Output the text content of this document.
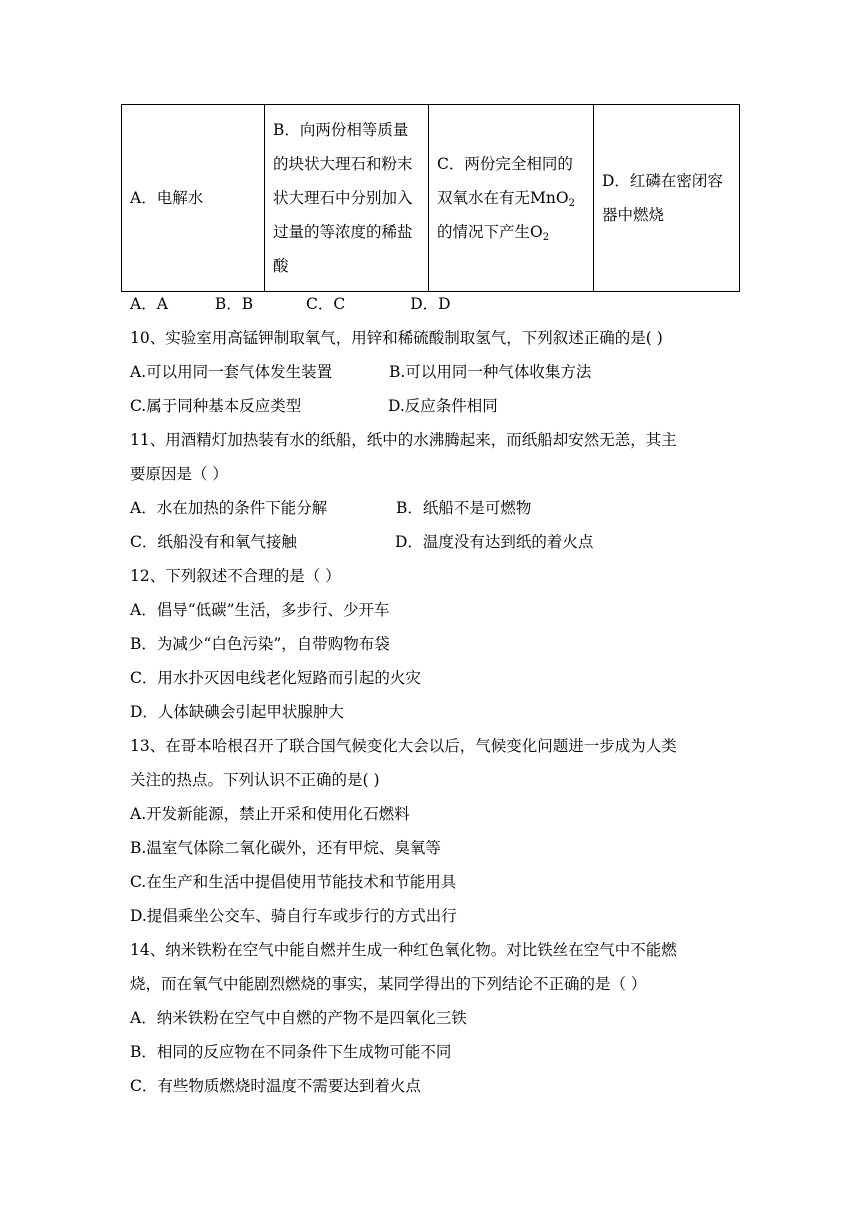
A．电解水	B．向两份相等质量的块状大理石和粉末状大理石中分别加入过量的等浓度的稀盐酸	C．两份完全相同的双氧水在有无MnO$_2$的情况下产生$O_2$	D．红磷在密闭容器中燃烧
A．A	B．B	C．C	D．D
10、实验室用高锰钾制取氧气，用锌和稀硫酸制取氢气，下列叙述正确的是( )
A.可以用同一套气体发生装置	B.可以用同一种气体收集方法
C.属于同种基本反应类型	D.反应条件相同
11、用酒精灯加热装有水的纸船，纸中的水沸腾起来，而纸船却安然无恙，其主
要原因是（ ）
A．水在加热的条件下能分解	B．纸船不是可燃物
C．纸船没有和氧气接触	D．温度没有达到纸的着火点
12、下列叙述不合理的是（ ）
A．倡导“低碳”生活，多步行、少开车
B．为减少“白色污染”，自带购物布袋
C．用水扑灭因电线老化短路而引起的火灾
D．人体缺碘会引起甲状腺肿大
13、在哥本哈根召开了联合国气候变化大会以后，气候变化问题进一步成为人类
关注的热点。下列认识不正确的是( )
A.开发新能源，禁止开采和使用化石燃料
B.温室气体除二氧化碳外，还有甲烷、臭氧等
C.在生产和生活中提倡使用节能技术和节能用具
D.提倡乘坐公交车、骑自行车或步行的方式出行
14、纳米铁粉在空气中能自燃并生成一种红色氧化物。对比铁丝在空气中不能燃
烧，而在氧气中能剧烈燃烧的事实，某同学得出的下列结论不正确的是（ ）
A．纳米铁粉在空气中自燃的产物不是四氧化三铁
B．相同的反应物在不同条件下生成物可能不同
C．有些物质燃烧时温度不需要达到着火点
